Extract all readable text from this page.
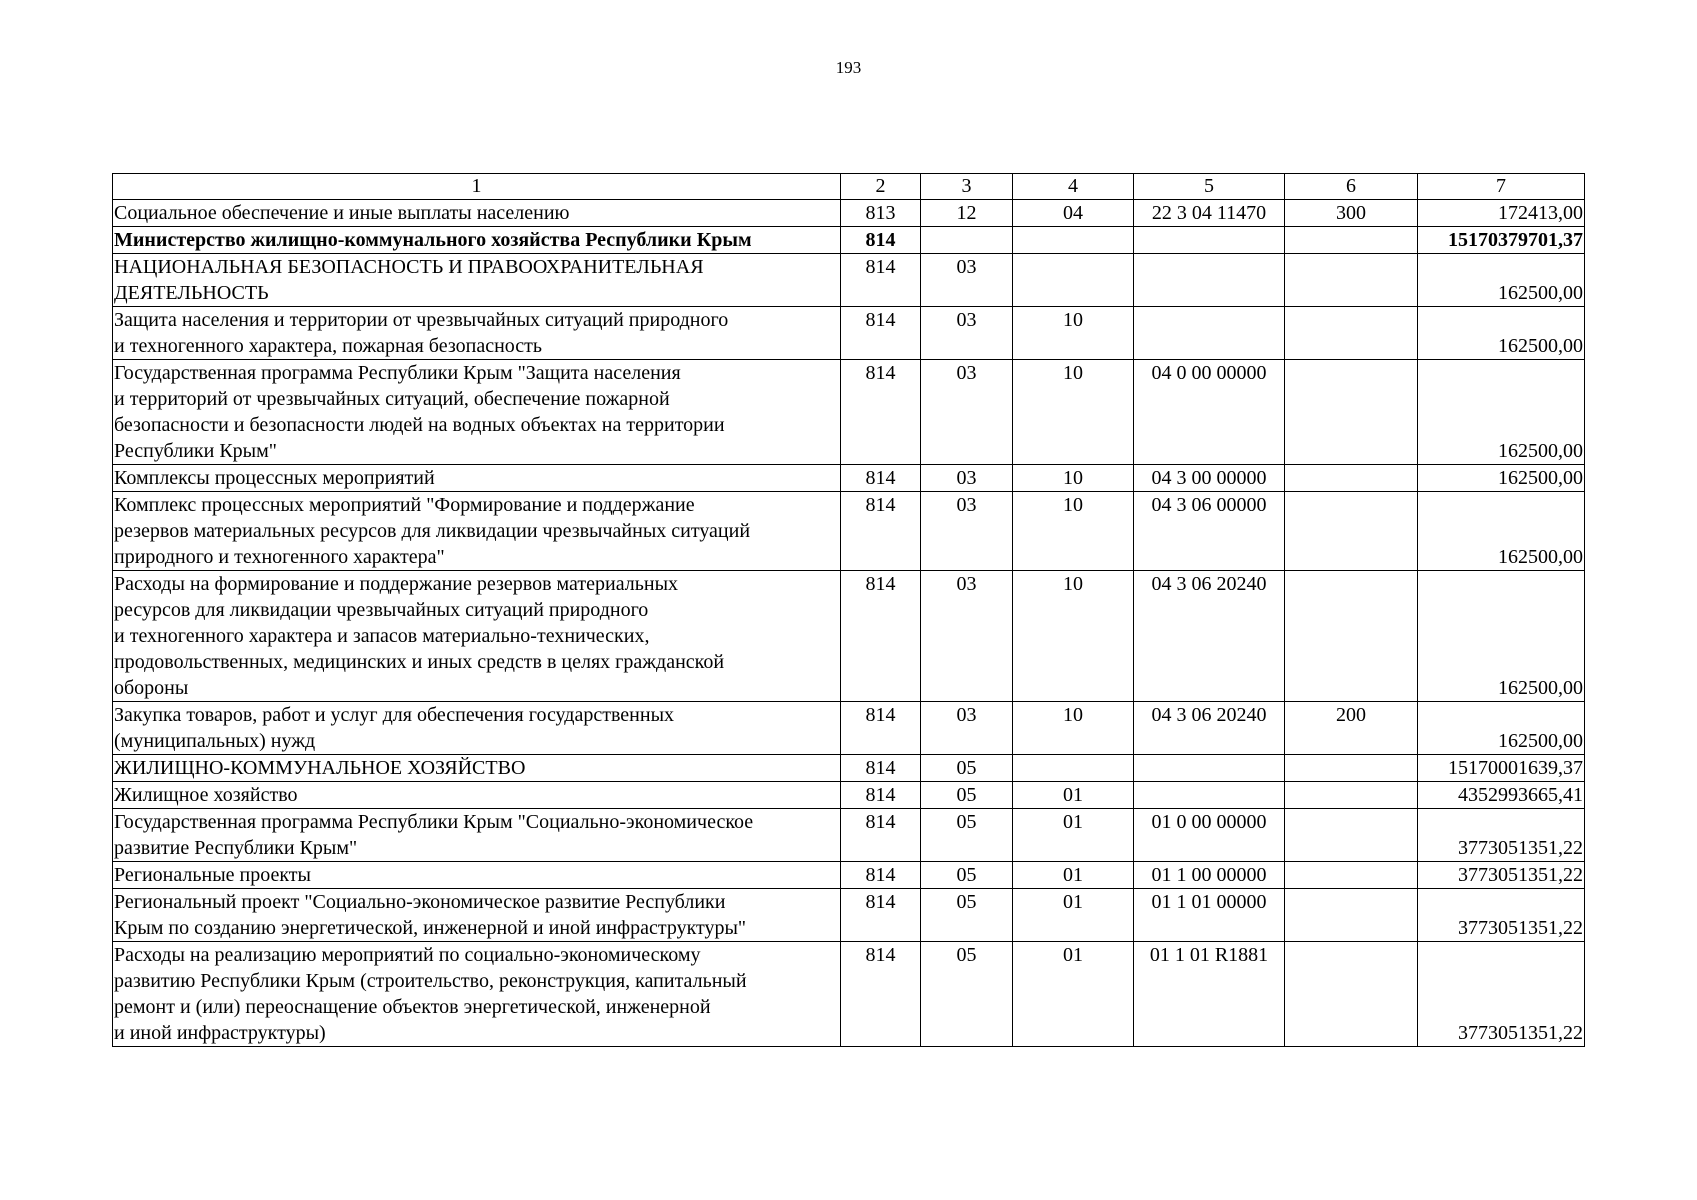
193
1	2	3	4	5	6	7
Социальное обеспечение и иные выплаты населению	813	12	04	22 3 04 11470	300	172413,00
Министерство жилищно-коммунального хозяйства Республики Крым	814					15170379701,37
НАЦИОНАЛЬНАЯ БЕЗОПАСНОСТЬ И ПРАВООХРАНИТЕЛЬНАЯ
ДЕЯТЕЛЬНОСТЬ	814	03				162500,00
Защита населения и территории от чрезвычайных ситуаций природного
и техногенного характера, пожарная безопасность	814	03	10			162500,00
Государственная программа Республики Крым "Защита населения
и территорий от чрезвычайных ситуаций, обеспечение пожарной
безопасности и безопасности людей на водных объектах на территории
Республики Крым"	814	03	10	04 0 00 00000		162500,00
Комплексы процессных мероприятий	814	03	10	04 3 00 00000		162500,00
Комплекс процессных мероприятий "Формирование и поддержание
резервов материальных ресурсов для ликвидации чрезвычайных ситуаций
природного и техногенного характера"	814	03	10	04 3 06 00000		162500,00
Расходы на формирование и поддержание резервов материальных
ресурсов для ликвидации чрезвычайных ситуаций природного
и техногенного характера и запасов материально-технических,
продовольственных, медицинских и иных средств в целях гражданской
обороны	814	03	10	04 3 06 20240		162500,00
Закупка товаров, работ и услуг для обеспечения государственных
(муниципальных) нужд	814	03	10	04 3 06 20240	200	162500,00
ЖИЛИЩНО-КОММУНАЛЬНОЕ ХОЗЯЙСТВО	814	05				15170001639,37
Жилищное хозяйство	814	05	01			4352993665,41
Государственная программа Республики Крым "Социально-экономическое
развитие Республики Крым"	814	05	01	01 0 00 00000		3773051351,22
Региональные проекты	814	05	01	01 1 00 00000		3773051351,22
Региональный проект "Социально-экономическое развитие Республики
Крым по созданию энергетической, инженерной и иной инфраструктуры"	814	05	01	01 1 01 00000		3773051351,22
Расходы на реализацию мероприятий по социально-экономическому
развитию Республики Крым (строительство, реконструкция, капитальный
ремонт и (или) переоснащение объектов энергетической, инженерной
и иной инфраструктуры)	814	05	01	01 1 01 R1881		3773051351,22
